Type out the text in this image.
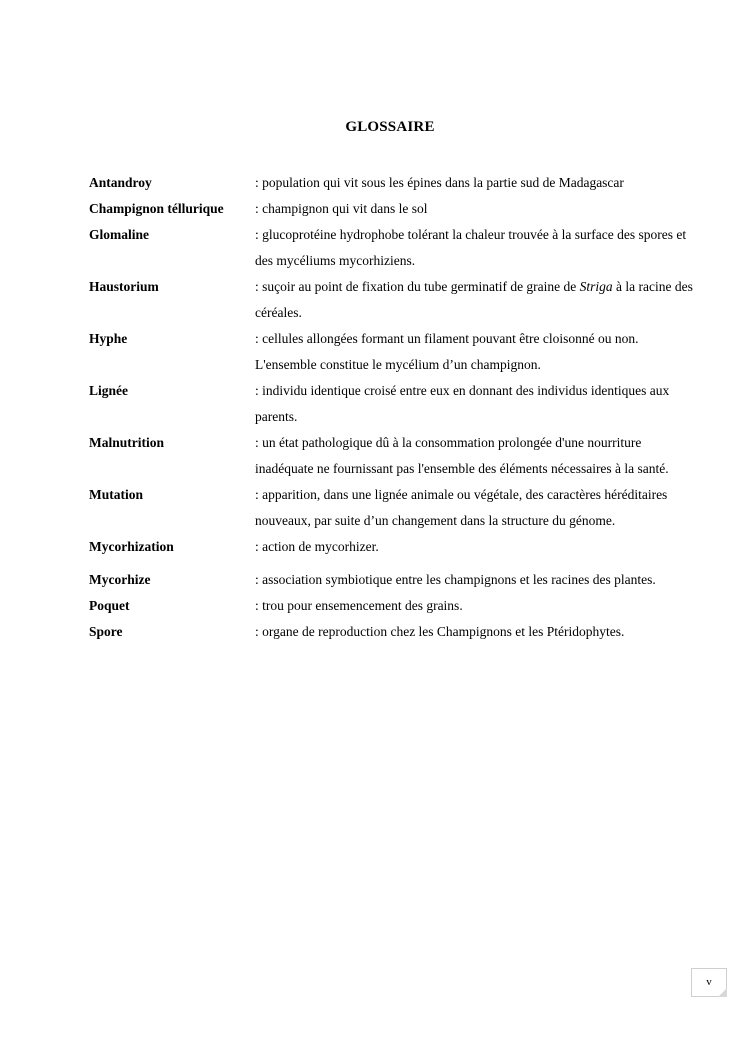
GLOSSAIRE
Antandroy	: population qui vit sous les épines dans la partie sud de Madagascar
Champignon téllurique	: champignon qui vit dans le sol
Glomaline	: glucoprotéine hydrophobe tolérant la chaleur trouvée à la surface des spores et des mycéliums mycorhiziens.
Haustorium	: suçoir au point de fixation du tube germinatif de graine de Striga à la racine des céréales.
Hyphe	: cellules allongées formant un filament pouvant être cloisonné ou non. L'ensemble constitue le mycélium d’un champignon.
Lignée	: individu identique croisé entre eux en donnant des individus identiques aux parents.
Malnutrition	: un état pathologique dû à la consommation prolongée d'une nourriture inadéquate ne fournissant pas l'ensemble des éléments nécessaires à la santé.
Mutation	: apparition, dans une lignée animale ou végétale, des caractères héréditaires nouveaux, par suite d’un changement dans la structure du génome.
Mycorhization	: action de mycorhizer.
Mycorhize	: association symbiotique entre les champignons et les racines des plantes.
Poquet	: trou pour ensemencement des grains.
Spore	: organe de reproduction chez les Champignons et les Ptéridophytes.
v
